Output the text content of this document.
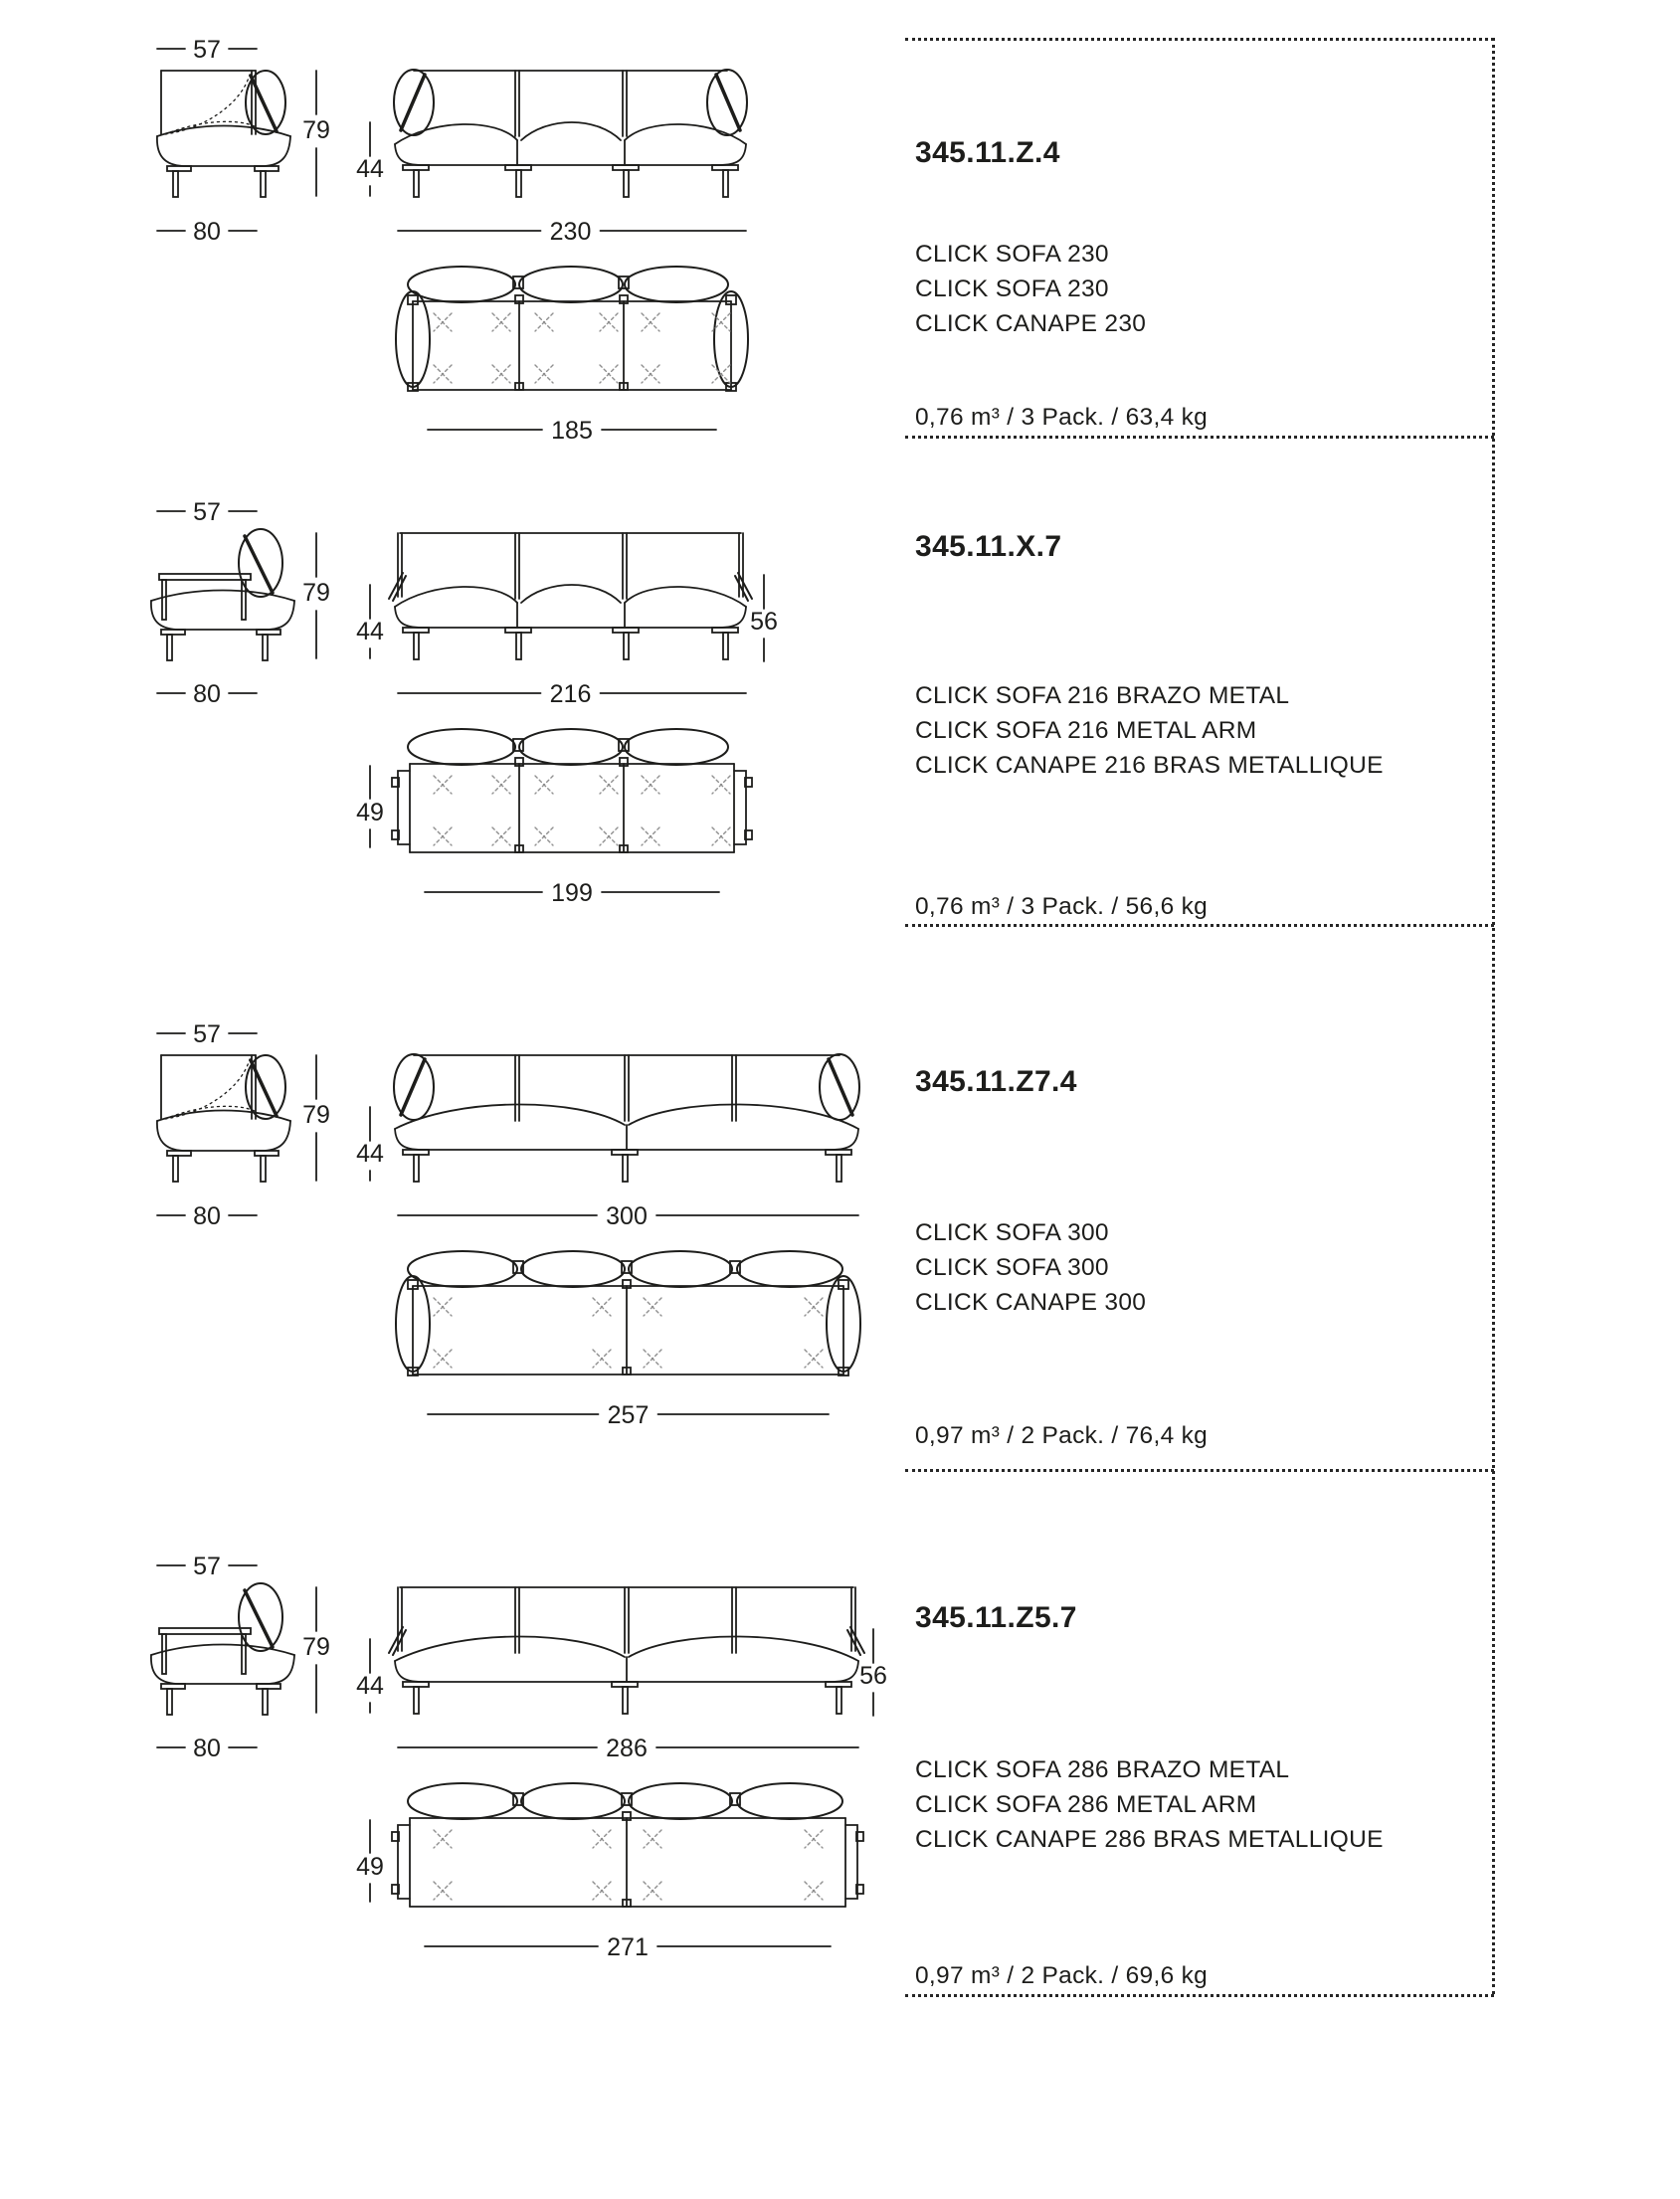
57
80
79
44
230
185
345.11.Z.4
CLICK SOFA 230
CLICK SOFA 230
CLICK CANAPE 230
0,76 m³ / 3 Pack. / 63,4 kg
57
80
79
44
216
56
199
49
345.11.X.7
CLICK SOFA 216 BRAZO METAL
CLICK SOFA 216 METAL ARM
CLICK CANAPE 216 BRAS METALLIQUE
0,76 m³ / 3 Pack. / 56,6 kg
57
80
79
44
300
257
345.11.Z7.4
CLICK SOFA 300
CLICK SOFA 300
CLICK CANAPE 300
0,97 m³ / 2 Pack. / 76,4 kg
57
80
79
44
286
56
271
49
345.11.Z5.7
CLICK SOFA 286 BRAZO METAL
CLICK SOFA 286 METAL ARM
CLICK CANAPE 286 BRAS METALLIQUE
0,97 m³ / 2 Pack. / 69,6 kg
